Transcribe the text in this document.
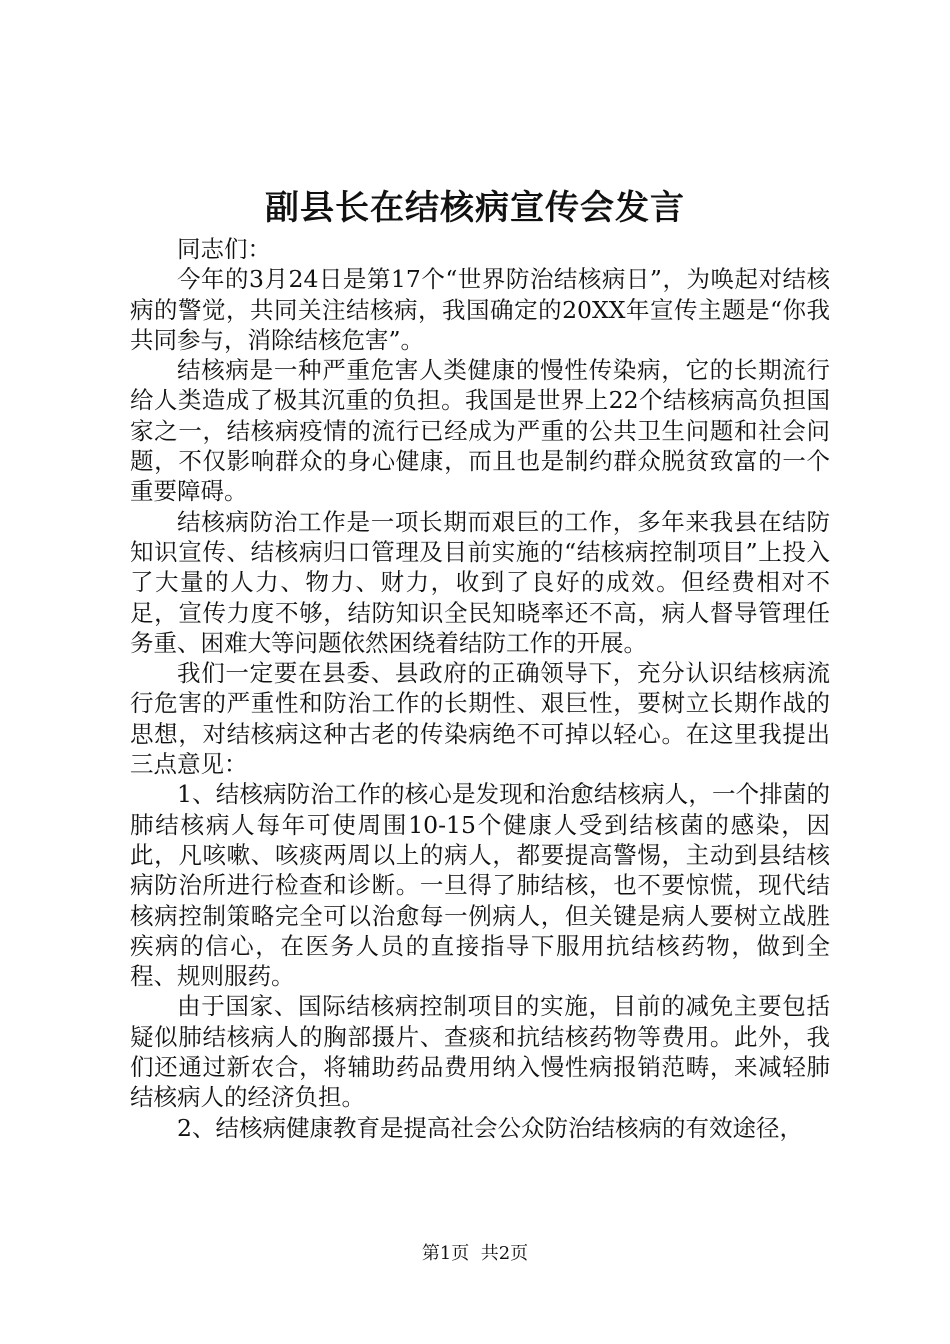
副县长在结核病宣传会发言

同志们：

今年的3月24日是第17个“世界防治结核病日”，为唤起对结核病的警觉，共同关注结核病，我国确定的20XX年宣传主题是“你我共同参与，消除结核危害”。

结核病是一种严重危害人类健康的慢性传染病，它的长期流行给人类造成了极其沉重的负担。我国是世界上22个结核病高负担国家之一，结核病疫情的流行已经成为严重的公共卫生问题和社会问题，不仅影响群众的身心健康，而且也是制约群众脱贫致富的一个重要障碍。

结核病防治工作是一项长期而艰巨的工作，多年来我县在结防知识宣传、结核病归口管理及目前实施的“结核病控制项目”上投入了大量的人力、物力、财力，收到了良好的成效。但经费相对不足，宣传力度不够，结防知识全民知晓率还不高，病人督导管理任务重、困难大等问题依然困绕着结防工作的开展。

我们一定要在县委、县政府的正确领导下，充分认识结核病流行危害的严重性和防治工作的长期性、艰巨性，要树立长期作战的思想，对结核病这种古老的传染病绝不可掉以轻心。在这里我提出三点意见：

1、结核病防治工作的核心是发现和治愈结核病人，一个排菌的肺结核病人每年可使周围10-15个健康人受到结核菌的感染，因此，凡咳嗽、咳痰两周以上的病人，都要提高警惕，主动到县结核病防治所进行检查和诊断。一旦得了肺结核，也不要惊慌，现代结核病控制策略完全可以治愈每一例病人，但关键是病人要树立战胜疾病的信心，在医务人员的直接指导下服用抗结核药物，做到全程、规则服药。

由于国家、国际结核病控制项目的实施，目前的减免主要包括疑似肺结核病人的胸部摄片、查痰和抗结核药物等费用。此外，我们还通过新农合，将辅助药品费用纳入慢性病报销范畴，来减轻肺结核病人的经济负担。

2、结核病健康教育是提高社会公众防治结核病的有效途径，

第1页 共2页
